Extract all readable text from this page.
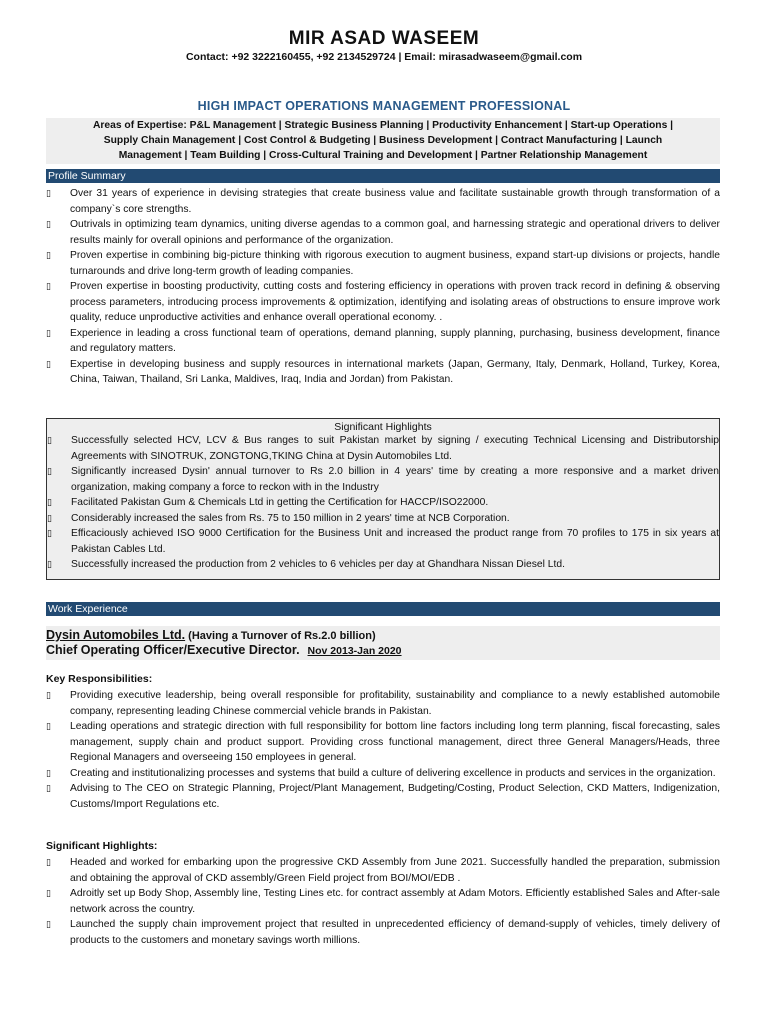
MIR ASAD WASEEM
Contact: +92 3222160455, +92 2134529724 | Email: mirasadwaseem@gmail.com
HIGH IMPACT OPERATIONS MANAGEMENT PROFESSIONAL
Areas of Expertise: P&L Management | Strategic Business Planning | Productivity Enhancement | Start-up Operations |
Supply Chain Management | Cost Control & Budgeting | Business Development | Contract Manufacturing | Launch
Management | Team Building | Cross-Cultural Training and Development | Partner Relationship Management
Profile Summary
▯ Over 31 years of experience in devising strategies that create business value and facilitate sustainable growth through transformation of a company`s core strengths.
▯ Outrivals in optimizing team dynamics, uniting diverse agendas to a common goal, and harnessing strategic and operational drivers to deliver results mainly for overall opinions and performance of the organization.
▯ Proven expertise in combining big-picture thinking with rigorous execution to augment business, expand start-up divisions or projects, handle turnarounds and drive long-term growth of leading companies.
▯ Proven expertise in boosting productivity, cutting costs and fostering efficiency in operations with proven track record in defining & observing process parameters, introducing process improvements & optimization, identifying and isolating areas of obstructions to ensure improve work quality, reduce unproductive activities and enhance overall operational economy. .
▯ Experience in leading a cross functional team of operations, demand planning, supply planning, purchasing, business development, finance and regulatory matters.
▯ Expertise in developing business and supply resources in international markets (Japan, Germany, Italy, Denmark, Holland, Turkey, Korea, China, Taiwan, Thailand, Sri Lanka, Maldives, Iraq, India and Jordan) from Pakistan.
Significant Highlights
▯ Successfully selected HCV, LCV & Bus ranges to suit Pakistan market by signing / executing Technical Licensing and Distributorship Agreements with SINOTRUK, ZONGTONG,TKING China at Dysin Automobiles Ltd.
▯ Significantly increased Dysin' annual turnover to Rs 2.0 billion in 4 years' time by creating a more responsive and a market driven organization, making company a force to reckon with in the Industry
▯ Facilitated Pakistan Gum & Chemicals Ltd in getting the Certification for HACCP/ISO22000.
▯ Considerably increased the sales from Rs. 75 to 150 million in 2 years' time at NCB Corporation.
▯ Efficaciously achieved ISO 9000 Certification for the Business Unit and increased the product range from 70 profiles to 175 in six years at Pakistan Cables Ltd.
▯ Successfully increased the production from 2 vehicles to 6 vehicles per day at Ghandhara Nissan Diesel Ltd.
Work Experience
Dysin Automobiles Ltd. (Having a Turnover of Rs.2.0 billion)
Chief Operating Officer/Executive Director. Nov 2013-Jan 2020
Key Responsibilities:
▯ Providing executive leadership, being overall responsible for profitability, sustainability and compliance to a newly established automobile company, representing leading Chinese commercial vehicle brands in Pakistan.
▯ Leading operations and strategic direction with full responsibility for bottom line factors including long term planning, fiscal forecasting, sales management, supply chain and product support. Providing cross functional management, direct three General Managers/Heads, three Regional Managers and overseeing 150 employees in general.
▯ Creating and institutionalizing processes and systems that build a culture of delivering excellence in products and services in the organization.
▯ Advising to The CEO on Strategic Planning, Project/Plant Management, Budgeting/Costing, Product Selection, CKD Matters, Indigenization, Customs/Import Regulations etc.
Significant Highlights:
▯ Headed and worked for embarking upon the progressive CKD Assembly from June 2021. Successfully handled the preparation, submission and obtaining the approval of CKD assembly/Green Field project from BOI/MOI/EDB .
▯ Adroitly set up Body Shop, Assembly line, Testing Lines etc. for contract assembly at Adam Motors. Efficiently established Sales and After-sale network across the country.
▯ Launched the supply chain improvement project that resulted in unprecedented efficiency of demand-supply of vehicles, timely delivery of products to the customers and monetary savings worth millions.
